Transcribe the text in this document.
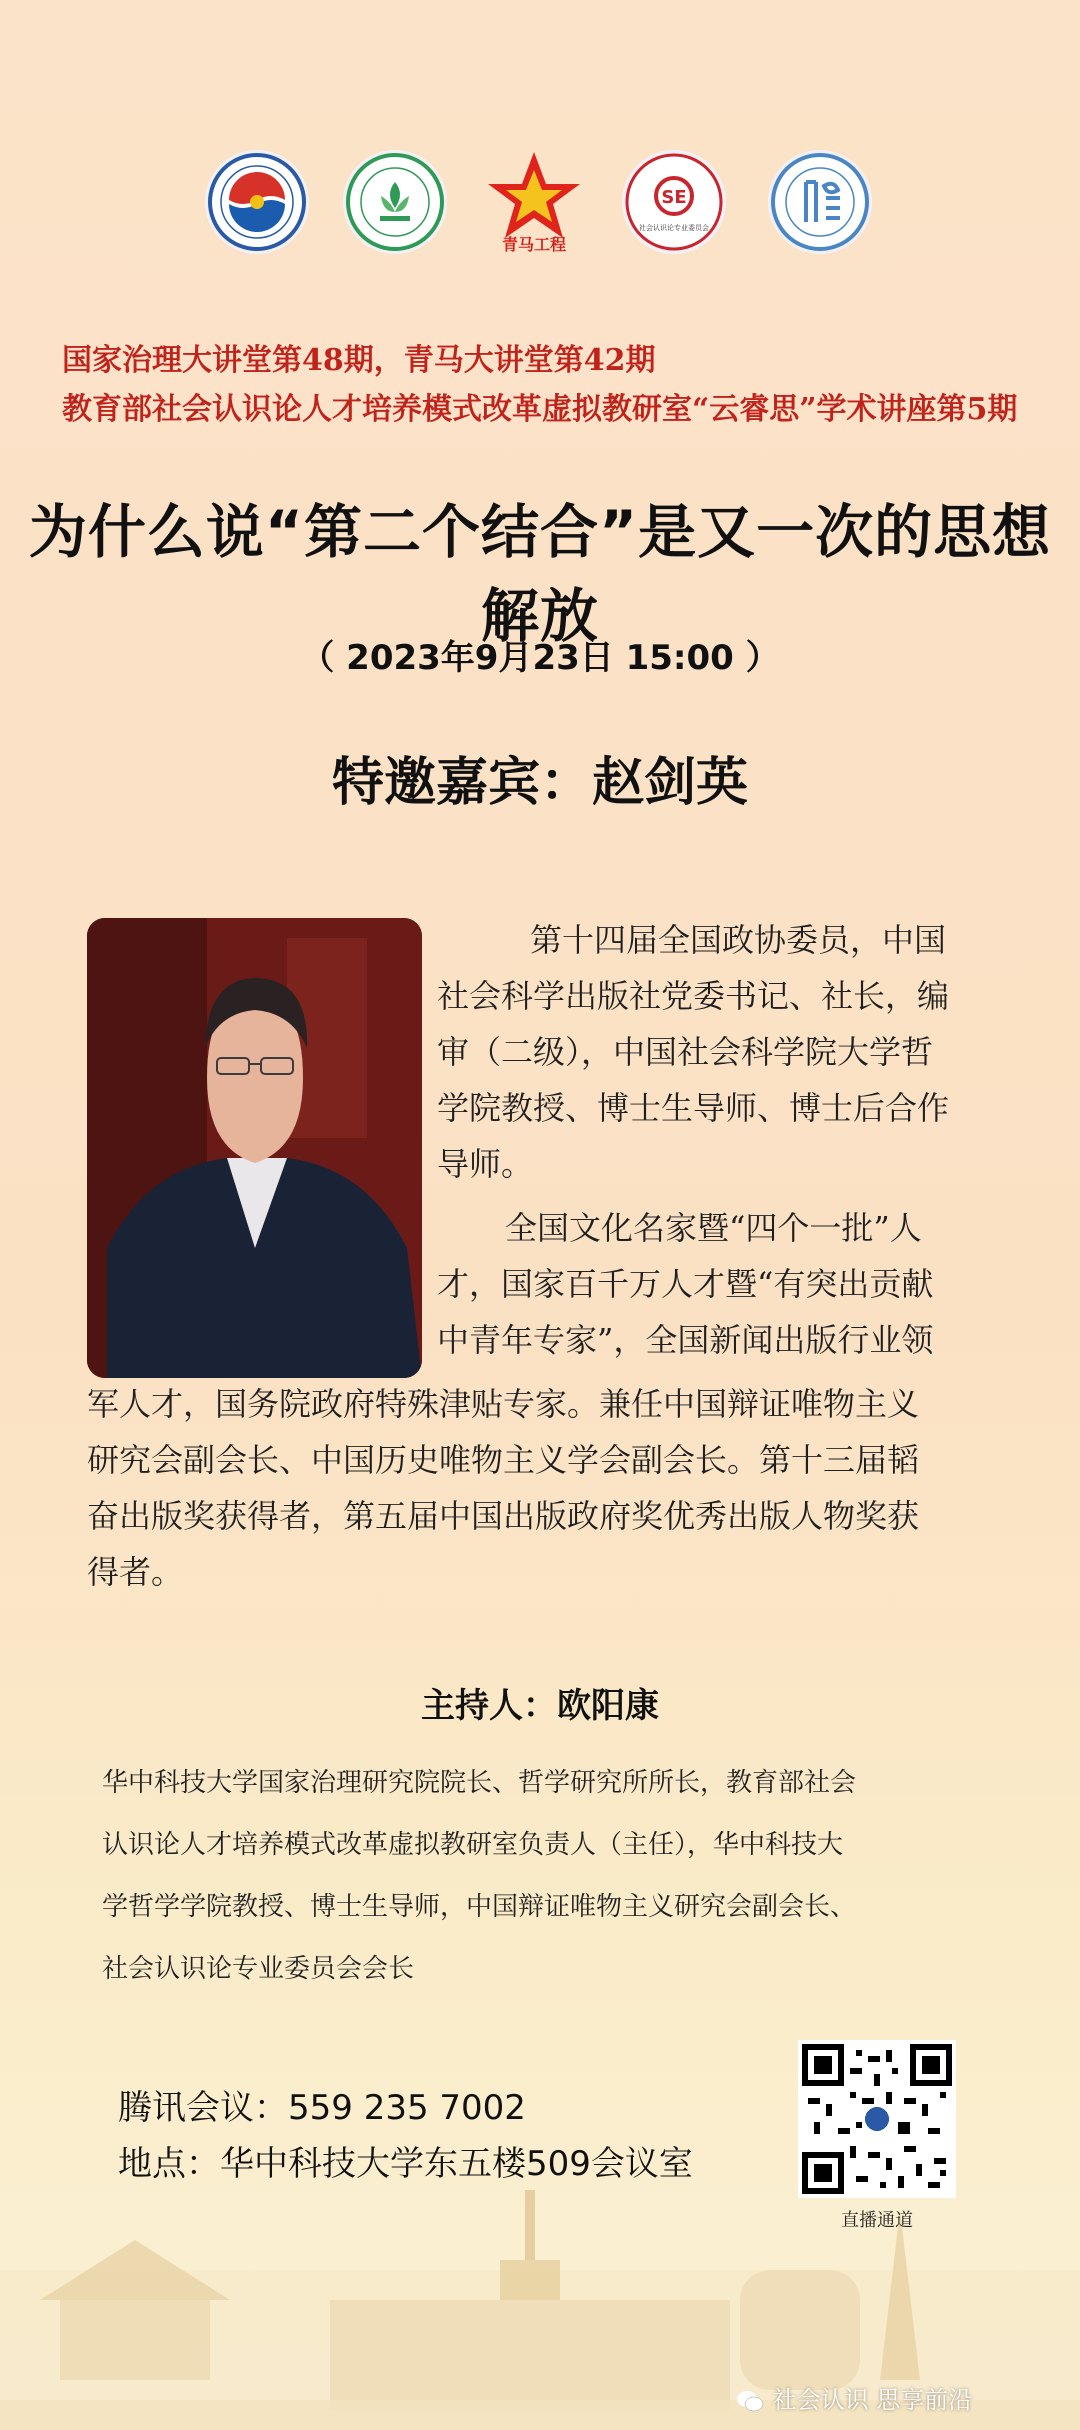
青马工程
SE
社会认识论专业委员会
国家治理大讲堂第48期，青马大讲堂第42期
教育部社会认识论人才培养模式改革虚拟教研室“云睿思”学术讲座第5期
为什么说“第二个结合”是又一次的思想解放
（ 2023年9月23日 15:00 ）
特邀嘉宾：赵剑英
第十四届全国政协委员，中国
社会科学出版社党委书记、社长，编
审（二级），中国社会科学院大学哲
学院教授、博士生导师、博士后合作
导师。
全国文化名家暨“四个一批”人
才，国家百千万人才暨“有突出贡献
中青年专家”，全国新闻出版行业领
军人才，国务院政府特殊津贴专家。兼任中国辩证唯物主义
研究会副会长、中国历史唯物主义学会副会长。第十三届韬
奋出版奖获得者，第五届中国出版政府奖优秀出版人物奖获
得者。
主持人：欧阳康
华中科技大学国家治理研究院院长、哲学研究所所长，教育部社会
认识论人才培养模式改革虚拟教研室负责人（主任），华中科技大
学哲学学院教授、博士生导师，中国辩证唯物主义研究会副会长、
社会认识论专业委员会会长
腾讯会议：559 235 7002
地点：华中科技大学东五楼509会议室
直播通道
社会认识 思享前沿
